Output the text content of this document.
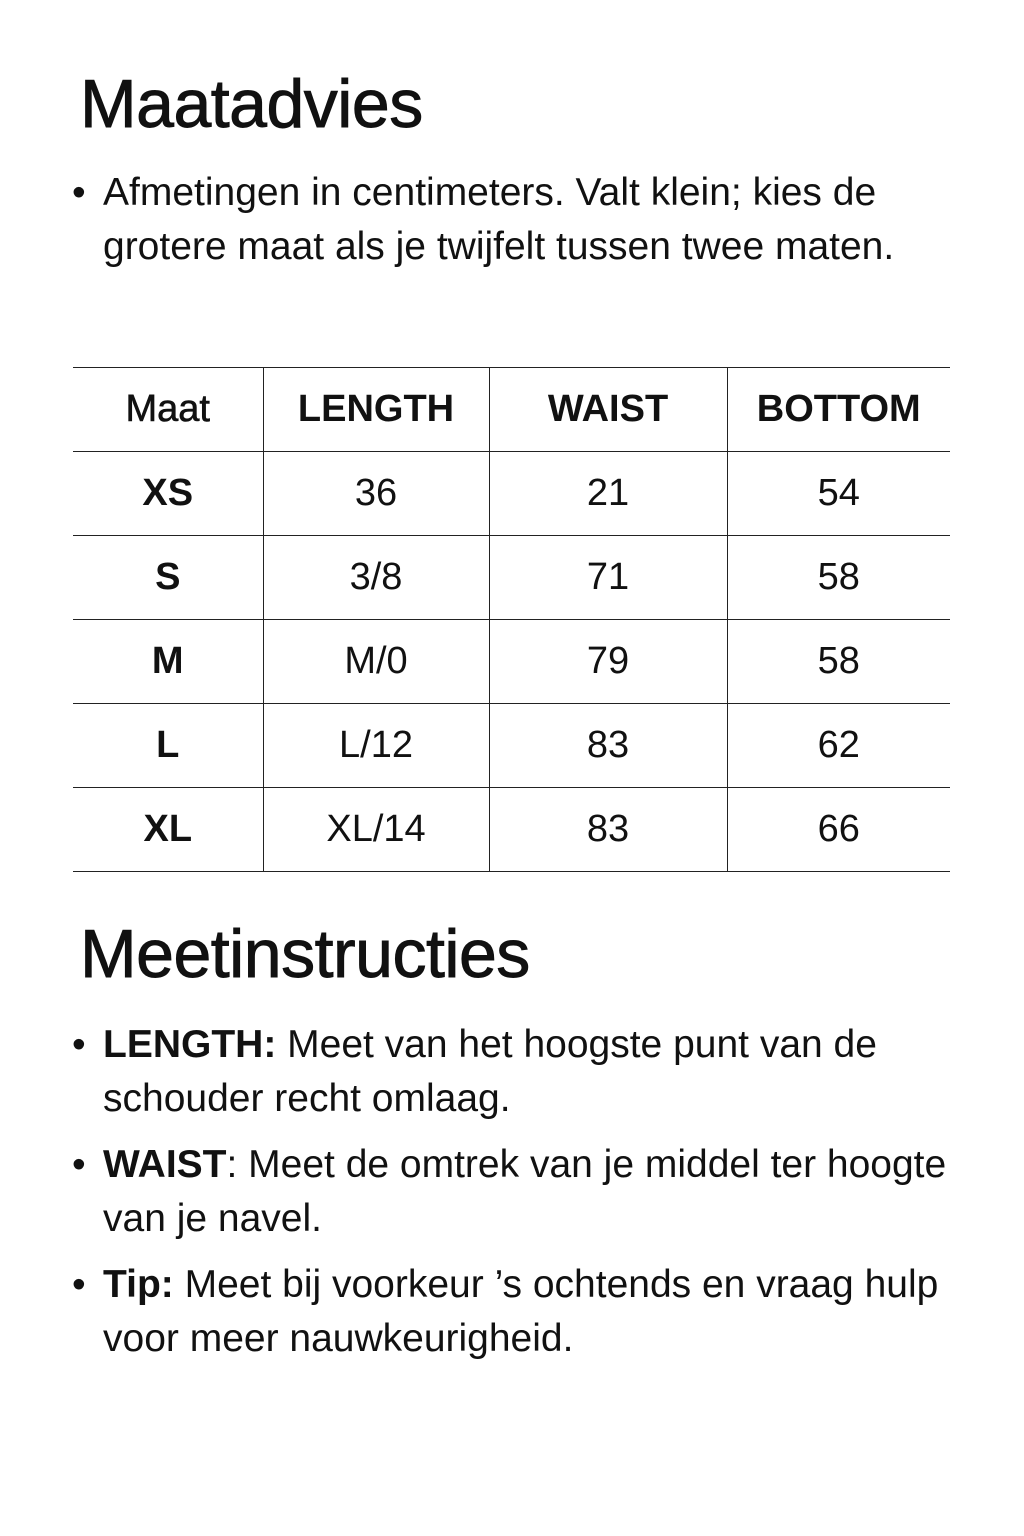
Maatadvies
• Afmetingen in centimeters. Valt klein; kies de grotere maat als je twijfelt tussen twee maten.
Maat	LENGTH	WAIST	BOTTOM
XS	36	21	54
S	3/8	71	58
M	M/0	79	58
L	L/12	83	62
XL	XL/14	83	66
Meetinstructies
• LENGTH: Meet van het hoogste punt van de schouder recht omlaag.
• WAIST: Meet de omtrek van je middel ter hoogte van je navel.
• Tip: Meet bij voorkeur ’s ochtends en vraag hulp voor meer nauwkeurigheid.
